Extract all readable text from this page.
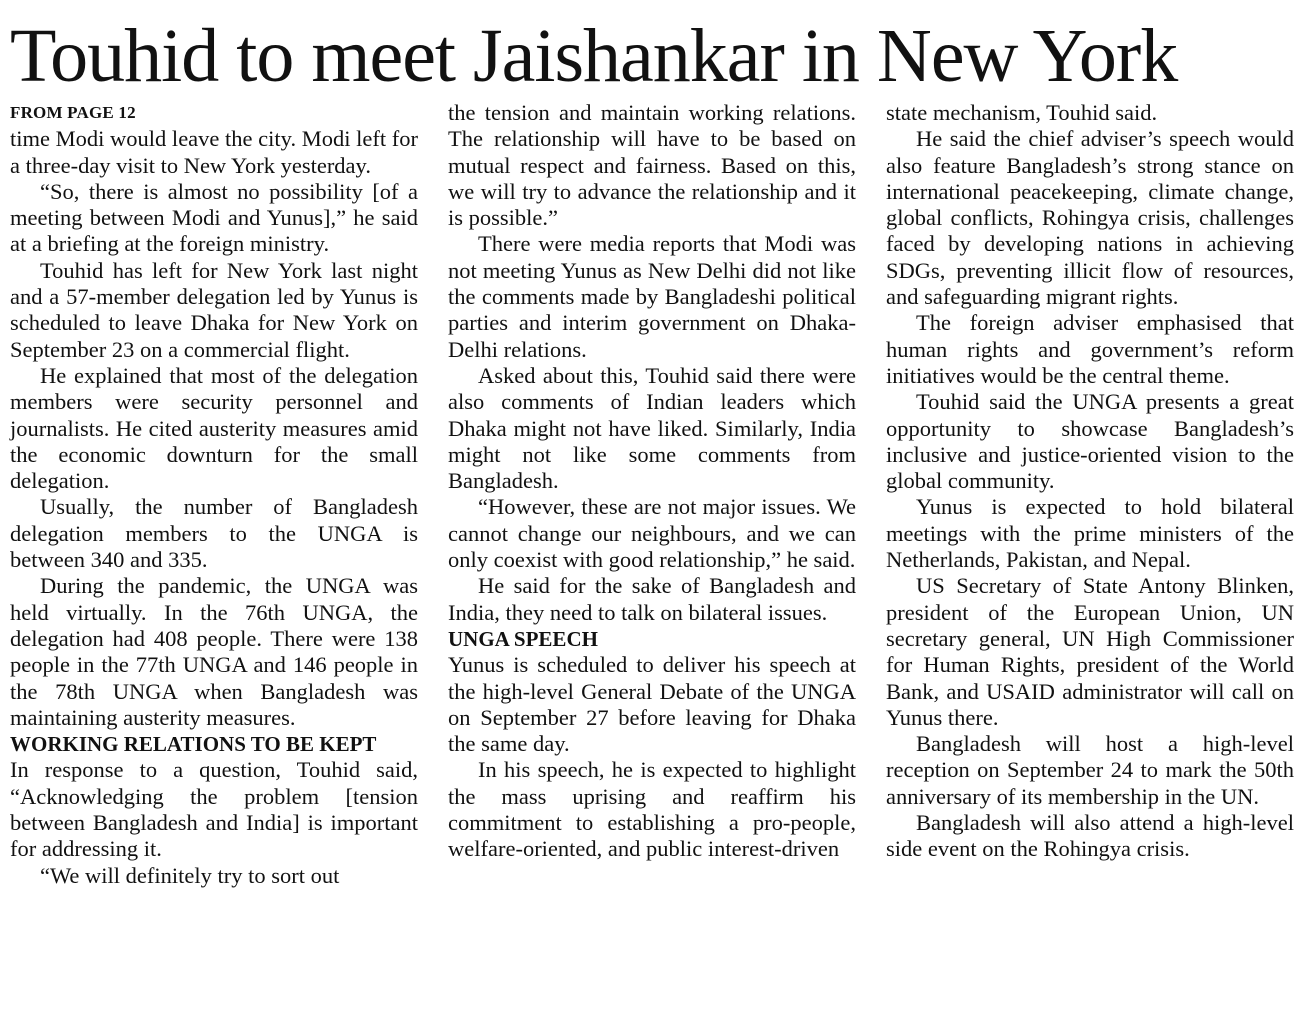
Touhid to meet Jaishankar in New York
FROM PAGE 12

time Modi would leave the city. Modi left for a three-day visit to New York yesterday.

“So, there is almost no possibility [of a meeting between Modi and Yunus],” he said at a briefing at the foreign ministry.

Touhid has left for New York last night and a 57-member delegation led by Yunus is scheduled to leave Dhaka for New York on September 23 on a commercial flight.

He explained that most of the delegation members were security personnel and journalists. He cited austerity measures amid the economic downturn for the small delegation.

Usually, the number of Bangladesh delegation members to the UNGA is between 340 and 335.

During the pandemic, the UNGA was held virtually. In the 76th UNGA, the delegation had 408 people. There were 138 people in the 77th UNGA and 146 people in the 78th UNGA when Bangladesh was maintaining austerity measures.

WORKING RELATIONS TO BE KEPT

In response to a question, Touhid said, “Acknowledging the problem [tension between Bangladesh and India] is important for addressing it.

“We will definitely try to sort out

the tension and maintain working relations. The relationship will have to be based on mutual respect and fairness. Based on this, we will try to advance the relationship and it is possible.”

There were media reports that Modi was not meeting Yunus as New Delhi did not like the comments made by Bangladeshi political parties and interim government on Dhaka-Delhi relations.

Asked about this, Touhid said there were also comments of Indian leaders which Dhaka might not have liked. Similarly, India might not like some comments from Bangladesh.

“However, these are not major issues. We cannot change our neighbours, and we can only coexist with good relationship,” he said.

He said for the sake of Bangladesh and India, they need to talk on bilateral issues.

UNGA SPEECH

Yunus is scheduled to deliver his speech at the high-level General Debate of the UNGA on September 27 before leaving for Dhaka the same day.

In his speech, he is expected to highlight the mass uprising and reaffirm his commitment to establishing a pro-people, welfare-oriented, and public interest-driven

state mechanism, Touhid said.

He said the chief adviser’s speech would also feature Bangladesh’s strong stance on international peacekeeping, climate change, global conflicts, Rohingya crisis, challenges faced by developing nations in achieving SDGs, preventing illicit flow of resources, and safeguarding migrant rights.

The foreign adviser emphasised that human rights and government’s reform initiatives would be the central theme.

Touhid said the UNGA presents a great opportunity to showcase Bangladesh’s inclusive and justice-oriented vision to the global community.

Yunus is expected to hold bilateral meetings with the prime ministers of the Netherlands, Pakistan, and Nepal.

US Secretary of State Antony Blinken, president of the European Union, UN secretary general, UN High Commissioner for Human Rights, president of the World Bank, and USAID administrator will call on Yunus there.

Bangladesh will host a high-level reception on September 24 to mark the 50th anniversary of its membership in the UN.

Bangladesh will also attend a high-level side event on the Rohingya crisis.
